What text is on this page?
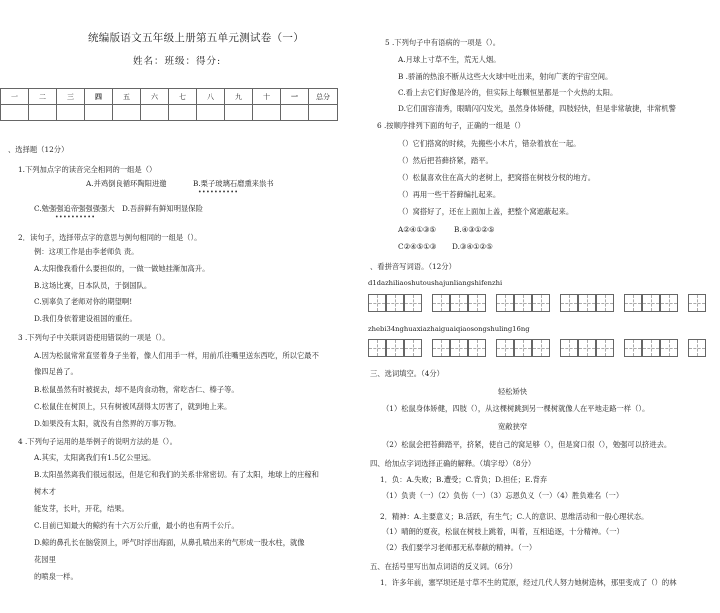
统编版语文五年级上册第五单元测试卷（一）
姓名：班级：得分:
一	二	三	四	五	六	七	八	九	十	一	总分

、选择题（12分）
1.下列加点字的读音完全相同的一组是（）
A.并鸡倒良循环陶阳进邀	B.栗子玻璃石磨熏来祟书
••••••••••
C.勉强强追帝强强强强大 D.吾辞鲜有鲜知明显保险
••••••••••
2．读句子，选择带点字的意思与例句相同的一组是（）。
例：这项工作是由李老师负 责。
A.太阳像我看什么要担似的，一做一做她挂渐加高升。
B.这场比赛，日本队员，于倒国队。
C.别辜负了老师对你的期望啊!
D.我们身依着建设祖国的重任。
3 .下列句子中关联词语使用错误的一项是（）。
A.因为松鼠常常直竖着身子坐着，像人们用手一样，用前爪往嘴里送东西吃，所以它最不
像四足兽了。
B.松鼠虽然有时被捉去，却不是肉食动物，常吃杏仁、榛子等。
C.松鼠住在树顶上，只有树被风刮得太厉害了，就到地上来。
D.如果没有太阳，就没有自然界的万事万物。
4 .下列句子运用的是举例子的说明方法的是（）。
A.其实，太阳离我们有1.5亿公里远。
B.太阳虽然离我们很远很远，但是它和我们的关系非常密切。有了太阳，地球上的庄稼和
树木才
能发芽，长叶，开花，结果。
C.目前已知最大的鲸约有十六万公斤重，最小的也有两千公斤。
D.鲸的鼻孔长在脑袋顶上，呼气时浮出海面，从鼻孔喷出来的气形成一股水柱，就像
花园里
的喷泉一样。
5 .下列句子中有语病的一项是（）。
A.月球上寸草不生，荒无人烟。
B .骄涌的热浪不断从这些大火球中吐出来，射向广袤的宇宙空间。
C.看上去它们好像是冷的，但实际上每颗恒星都是一个火热的太阳。
D.它们面容清秀，眼睛闪闪发光，虽然身体矫健，四肢轻快，但是非常敏捷，非常机警
6 .按顺序排列下面的句子，正确的一组是（）
（）它们搭窝的时候，先搬些小木片，错杂着放在一起。
（）然后把苔藓挤紧，踏平。
（）松鼠喜欢住在高大的老树上，把窝搭在树枝分杈的地方。
（）再用一些干苔藓编扎起来。
（）窝搭好了，还在上面加上盖，把整个窝遮蔽起来。
A②④①③⑤ B.④③①②⑤
C②④⑤①③ D.③④①②⑤
、看拼音写词语。（12分）
d1dazhiliaoshutoushajunliangshifenzhi
zhebi34nghuaxiazhaiguaiqiaosongshuling16ng
三、选词填空。（4分）
轻松矫快
（1）松鼠身体矫健，四肢（），从这棵树跳到另一棵树就像人在平地走路一样（）。
宽敞狭窄
（2）松鼠会把苔藓踏平，挤紧，使自己的窝足够（），但是窝口很（），勉强可以挤进去。
四、给加点字词选择正确的解释。（填字母）（8分）
1．负：A.失败；B.遭受；C.背负；D.担任；E.背弃
（1）负责（一）（2）负伤（一）（3）忘恩负义（一）（4）胜负难名（一）
2．精神：A.主要意义；B.活跃，有生气；C.人的意识、思维活动和一般心理状态。
（1）晴朗的夏夜，松鼠在树枝上跳着，叫着，互相追逐，十分精神。（一）
（2）我们要学习老师那无私奉献的精神。（一）
五、在括号里写出加点词语的反义词。（6分）
1．许多年前，塞罕坝还是寸草不生的荒原，经过几代人努力她树造林，那里变成了（）的林
